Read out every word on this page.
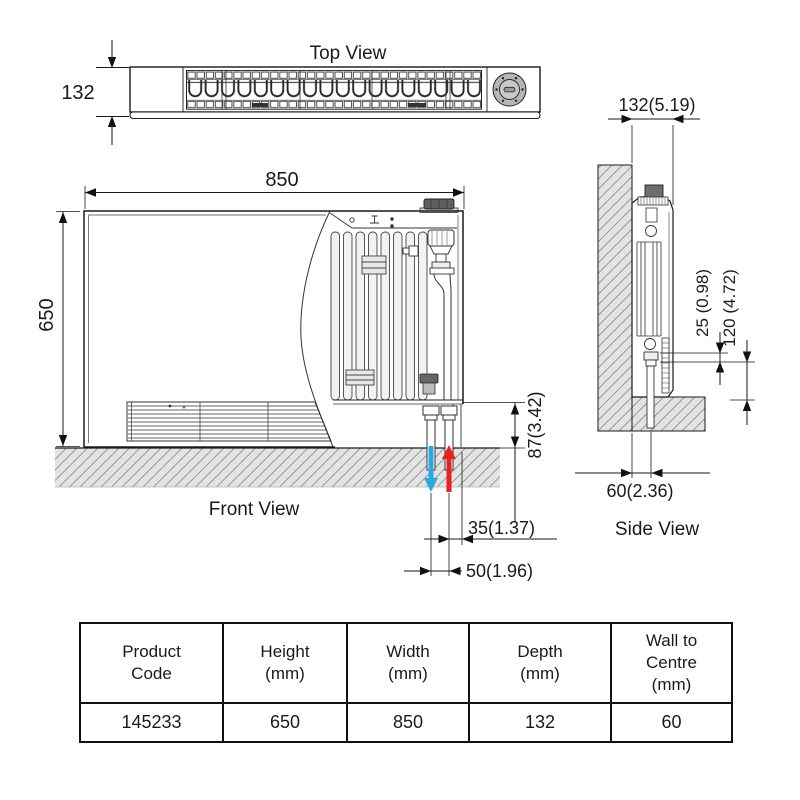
Top View
132
850
650
87(3.42)
35(1.37)
50(1.96)
Front View
132(5.19)
25 (0.98) 120 (4.72)
60(2.36)
Side View
Product Code	Height (mm)	Width (mm)	Depth (mm)	Wall to Centre (mm)
145233	650	850	132	60
